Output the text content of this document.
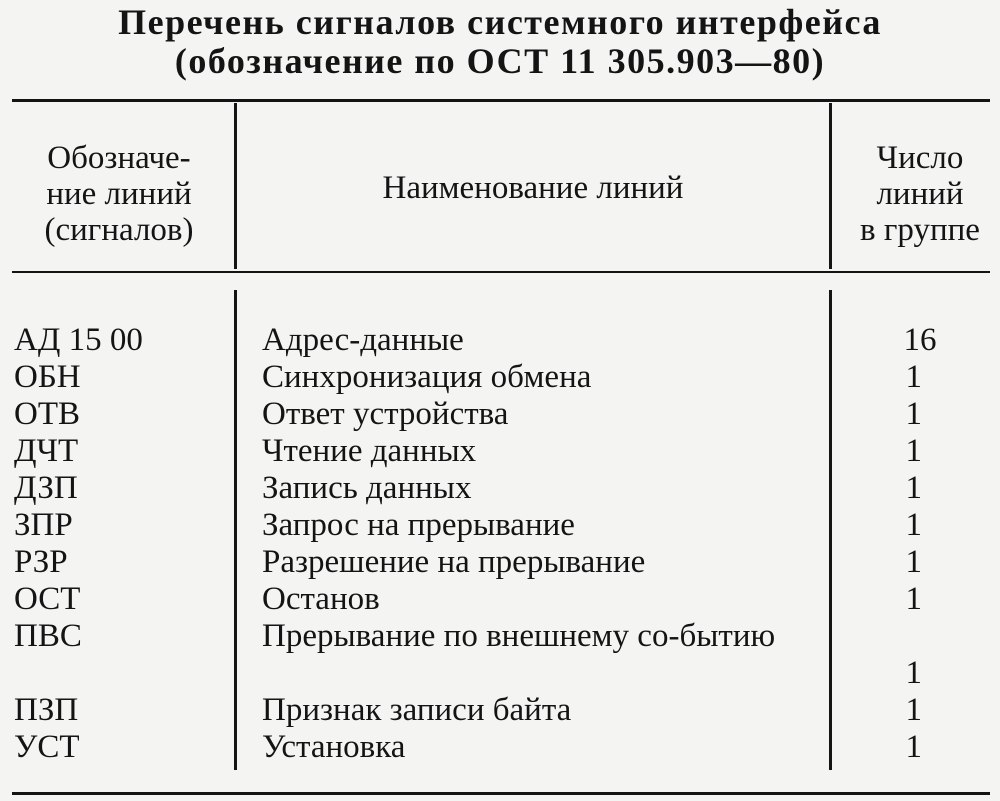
Перечень сигналов системного интерфейса
(обозначение по ОСТ 11 305.903—80)
Обозначе-
ние линий
(сигналов)
Наименование линий
Число
линий
в группе
АД 15 00
ОБН
ОТВ
ДЧТ
ДЗП
ЗПР
РЗР
ОСТ
ПВС
ПЗП
УСТ
Адрес-данные
Синхронизация обмена
Ответ устройства
Чтение данных
Запись данных
Запрос на прерывание
Разрешение на прерывание
Останов
Прерывание по внешнему со-бытию
Признак записи байта
Установка
16
1
1
1
1
1
1
1
1
1
1
